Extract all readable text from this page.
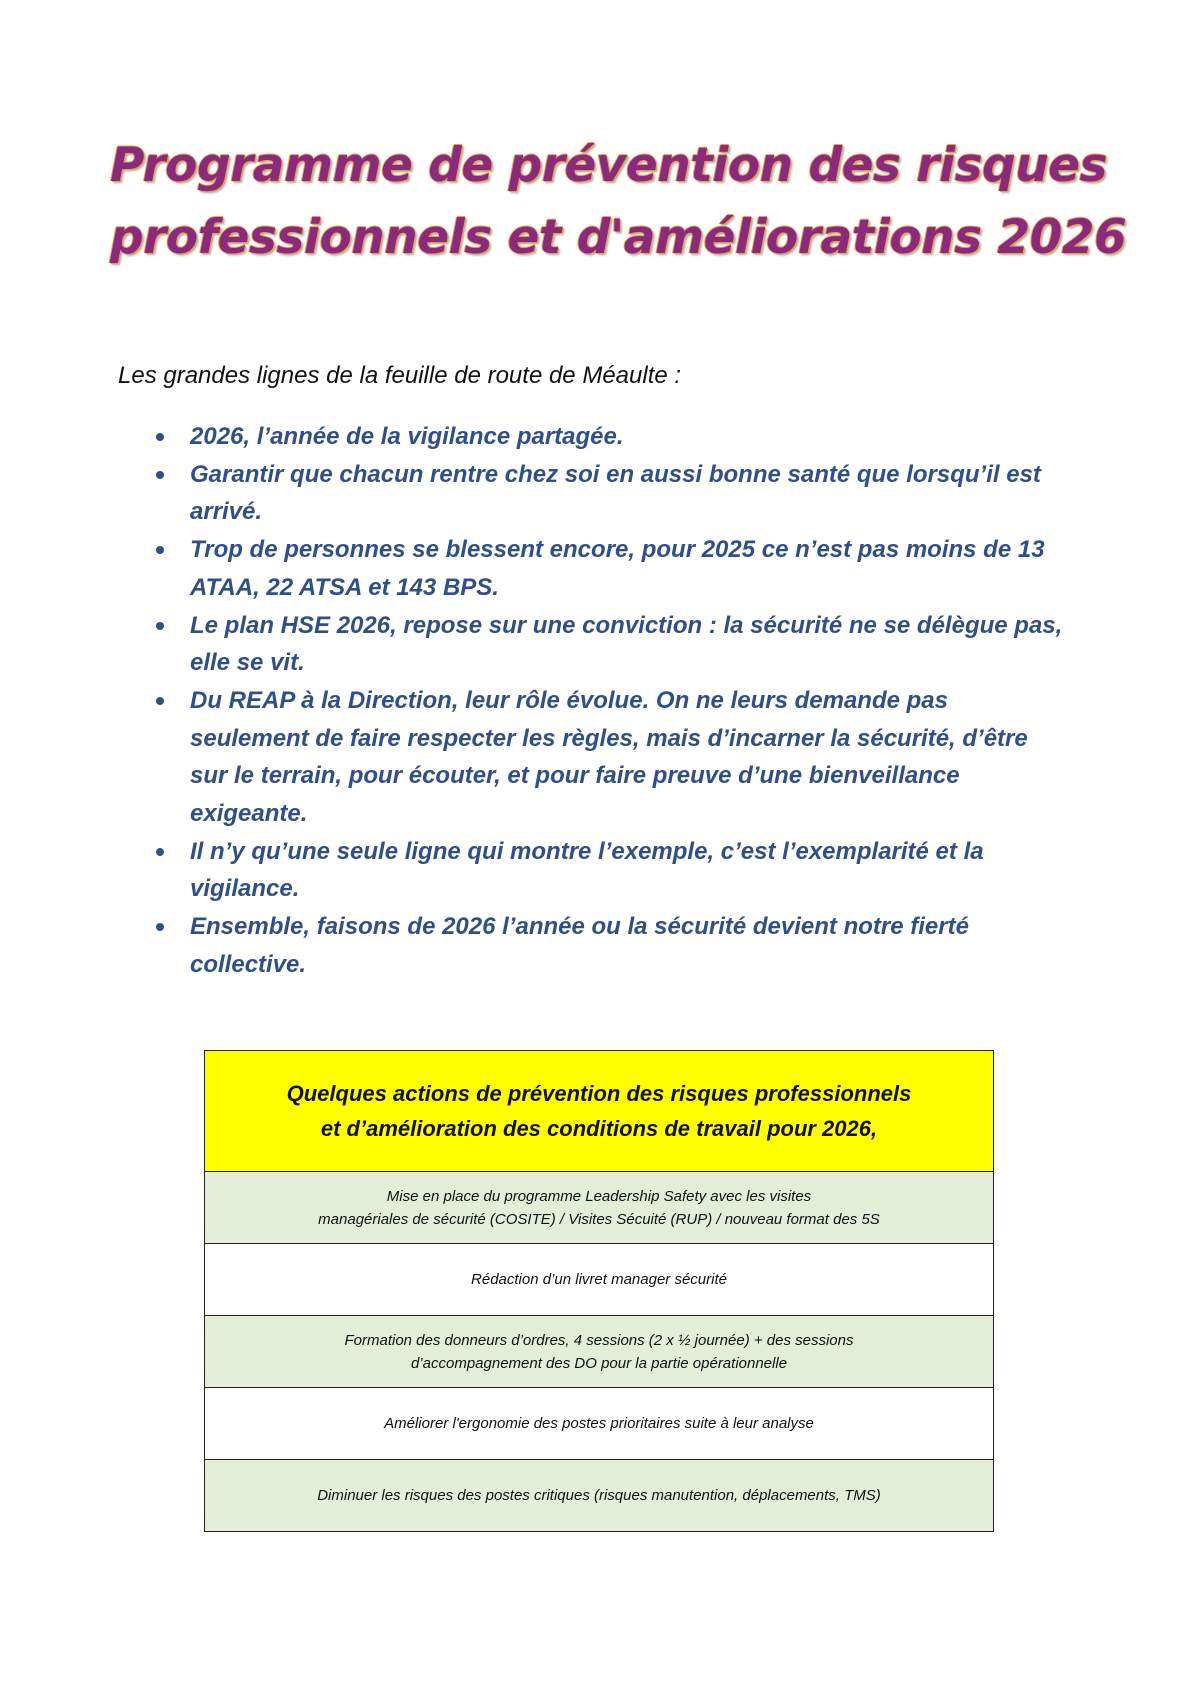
Programme de prévention des risques
professionnels et d'améliorations 2026

Les grandes lignes de la feuille de route de Méaulte :

2026, l’année de la vigilance partagée.
Garantir que chacun rentre chez soi en aussi bonne santé que lorsqu’il est
arrivé.
Trop de personnes se blessent encore, pour 2025 ce n’est pas moins de 13
ATAA, 22 ATSA et 143 BPS.
Le plan HSE 2026, repose sur une conviction : la sécurité ne se délègue pas,
elle se vit.
Du REAP à la Direction, leur rôle évolue. On ne leurs demande pas
seulement de faire respecter les règles, mais d’incarner la sécurité, d’être
sur le terrain, pour écouter, et pour faire preuve d’une bienveillance
exigeante.
Il n’y qu’une seule ligne qui montre l’exemple, c’est l’exemplarité et la
vigilance.
Ensemble, faisons de 2026 l’année ou la sécurité devient notre fierté
collective.
Quelques actions de prévention des risques professionnels
et d’amélioration des conditions de travail pour 2026,
Mise en place du programme Leadership Safety avec les visites
managériales de sécurité (COSITE) / Visites Sécuité (RUP) / nouveau format des 5S
Rédaction d’un livret manager sécurité
Formation des donneurs d’ordres, 4 sessions (2 x ½ journée) + des sessions
d’accompagnement des DO pour la partie opérationnelle
Améliorer l'ergonomie des postes prioritaires suite à leur analyse
Diminuer les risques des postes critiques (risques manutention, déplacements, TMS)
